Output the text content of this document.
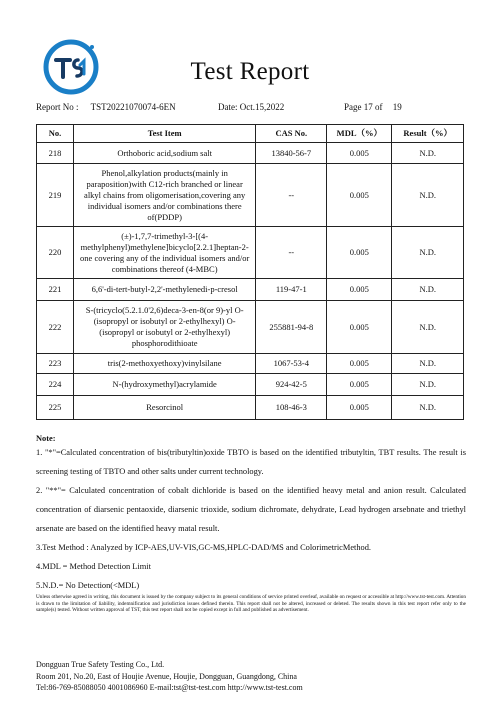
Test Report
Report No : TST20221070074-6EN	Date: Oct.15,2022	Page 17 of 19
No.	Test Item	CAS No.	MDL（%）	Result（%）
218	Orthoboric acid,sodium salt	13840-56-7	0.005	N.D.
219	Phenol,alkylation products(mainly in paraposition)with C12-rich branched or linear alkyl chains from oligomerisation,covering any individual isomers and/or combinations there of(PDDP)	--	0.005	N.D.
220	(±)-1,7,7-trimethyl-3-[(4-methylphenyl)methylene]bicyclo[2.2.1]heptan-2-one covering any of the individual isomers and/or combinations thereof (4-MBC)	--	0.005	N.D.
221	6,6'-di-tert-butyl-2,2'-methylenedi-p-cresol	119-47-1	0.005	N.D.
222	S-(tricyclo(5.2.1.0'2,6)deca-3-en-8(or 9)-yl O-(isopropyl or isobutyl or 2-ethylhexyl) O-(isopropyl or isobutyl or 2-ethylhexyl) phosphorodithioate	255881-94-8	0.005	N.D.
223	tris(2-methoxyethoxy)vinylsilane	1067-53-4	0.005	N.D.
224	N-(hydroxymethyl)acrylamide	924-42-5	0.005	N.D.
225	Resorcinol	108-46-3	0.005	N.D.

Note:

1. "*"=Calculated concentration of bis(tributyltin)oxide TBTO is based on the identified tributyltin, TBT results. The result is screening testing of TBTO and other salts under current technology.

2. "**"= Calculated concentration of cobalt dichloride is based on the identified heavy metal and anion result. Calculated concentration of diarsenic pentaoxide, diarsenic trioxide, sodium dichromate, dehydrate, Lead hydrogen arsebnate and triethyl arsenate are based on the identified heavy matal result.

3.Test Method : Analyzed by ICP-AES,UV-VIS,GC-MS,HPLC-DAD/MS and ColorimetricMethod.

4.MDL = Method Detection Limit

5.N.D.= No Detection(<MDL)

Unless otherwise agreed in writing, this document is issued by the company subject to its general conditions of service printed overleaf, available on request or accessible at http://www.tst-test.com. Attention is drawn to the limitation of liability, indemnification and jurisdiction issues defined therein. This report shall not be altered, increased or deleted. The results shown in this test report refer only to the sample(s) tested. Without written approval of TST, this test report shall not be copied except in full and published as advertisement.
Dongguan True Safety Testing Co., Ltd.
Room 201, No.20, East of Houjie Avenue, Houjie, Dongguan, Guangdong, China
Tel:86-769-85088050 4001086960 E-mail:tst@tst-test.com http://www.tst-test.com
